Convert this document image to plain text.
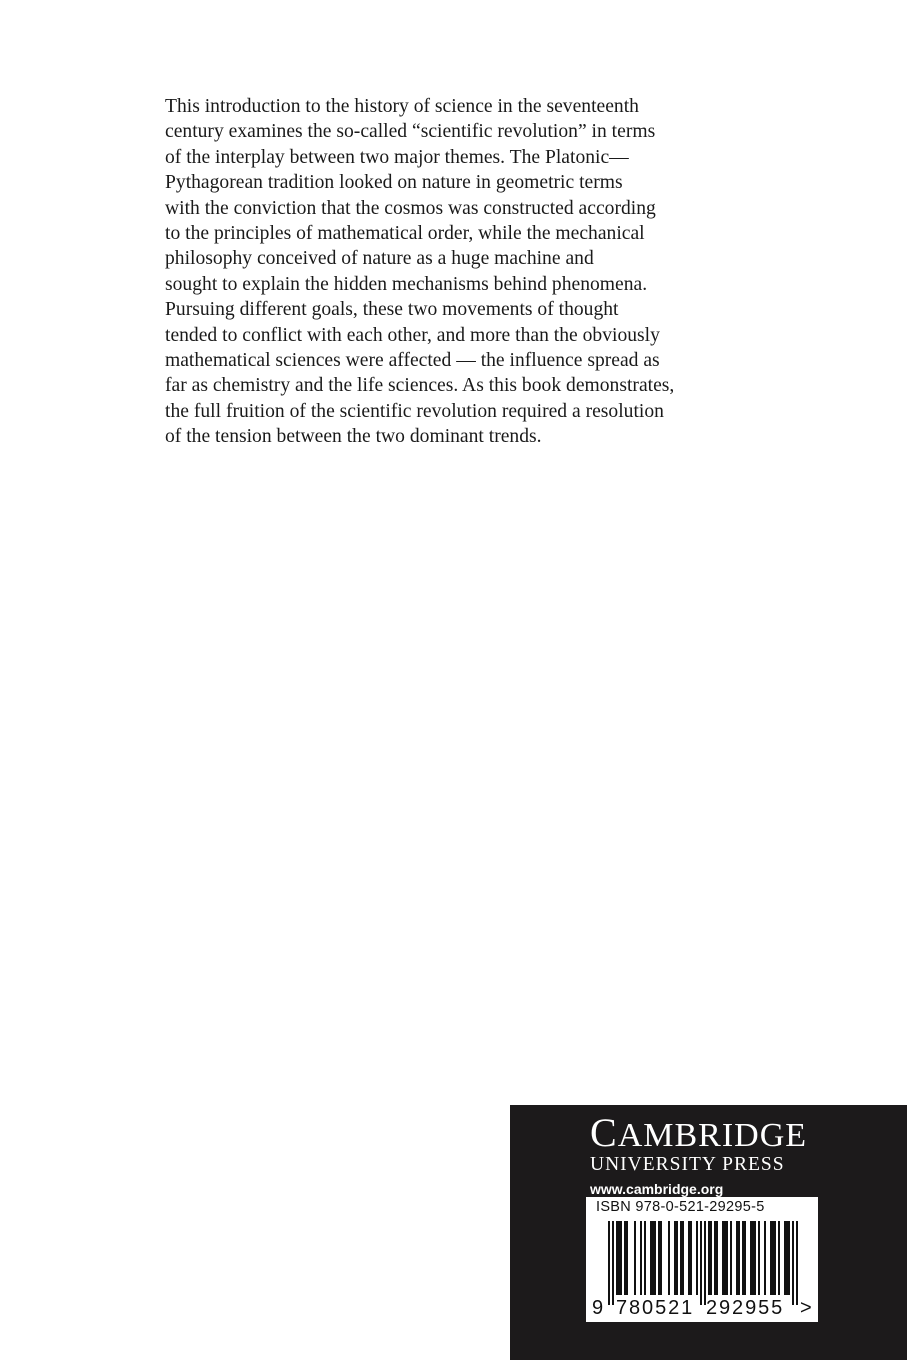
This introduction to the history of science in the seventeenth
century examines the so-called “scientific revolution” in terms
of the interplay between two major themes. The Platonic—
Pythagorean tradition looked on nature in geometric terms
with the conviction that the cosmos was constructed according
to the principles of mathematical order, while the mechanical
philosophy conceived of nature as a huge machine and
sought to explain the hidden mechanisms behind phenomena.
Pursuing different goals, these two movements of thought
tended to conflict with each other, and more than the obviously
mathematical sciences were affected — the influence spread as
far as chemistry and the life sciences. As this book demonstrates,
the full fruition of the scientific revolution required a resolution
of the tension between the two dominant trends.
CAMBRIDGE
UNIVERSITY PRESS
www.cambridge.org
ISBN 978-0-521-29295-5
9 780521 292955 >
